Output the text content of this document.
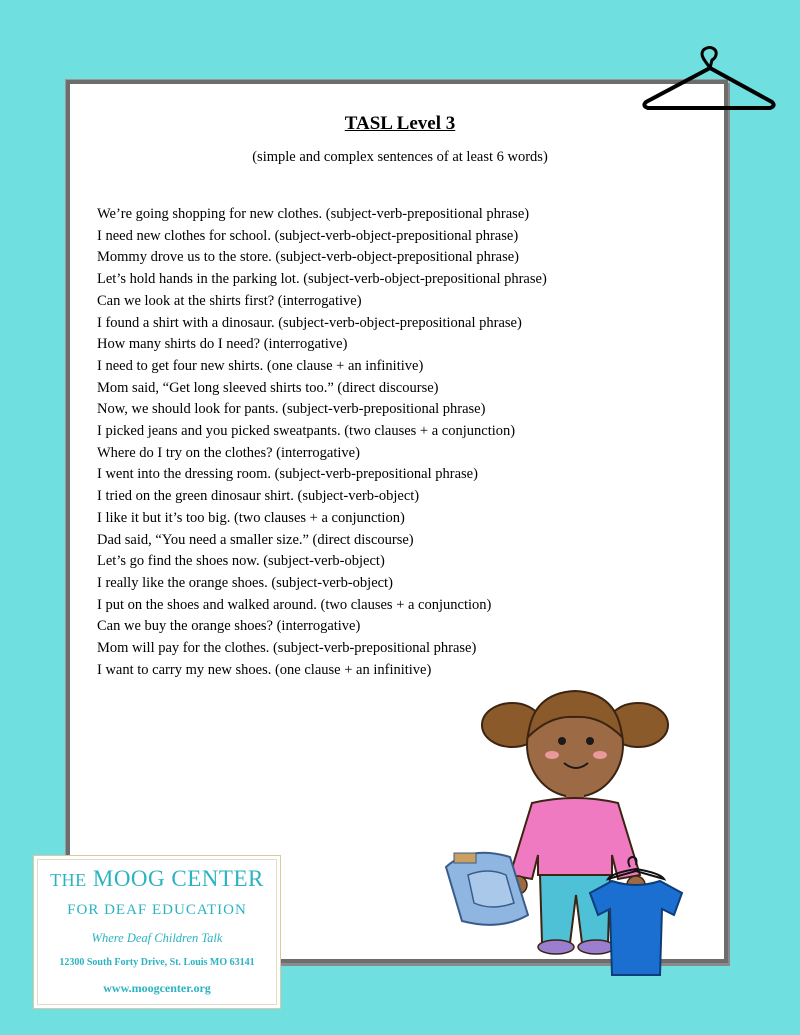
TASL Level 3
(simple and complex sentences of at least 6 words)
We’re going shopping for new clothes. (subject-verb-prepositional phrase)
I need new clothes for school. (subject-verb-object-prepositional phrase)
Mommy drove us to the store. (subject-verb-object-prepositional phrase)
Let’s hold hands in the parking lot. (subject-verb-object-prepositional phrase)
Can we look at the shirts first? (interrogative)
I found a shirt with a dinosaur. (subject-verb-object-prepositional phrase)
How many shirts do I need? (interrogative)
I need to get four new shirts. (one clause + an infinitive)
Mom said, “Get long sleeved shirts too.” (direct discourse)
Now, we should look for pants. (subject-verb-prepositional phrase)
I picked jeans and you picked sweatpants. (two clauses + a conjunction)
Where do I try on the clothes? (interrogative)
I went into the dressing room. (subject-verb-prepositional phrase)
I tried on the green dinosaur shirt. (subject-verb-object)
I like it but it’s too big. (two clauses + a conjunction)
Dad said, “You need a smaller size.” (direct discourse)
Let’s go find the shoes now. (subject-verb-object)
I really like the orange shoes. (subject-verb-object)
I put on the shoes and walked around. (two clauses + a conjunction)
Can we buy the orange shoes? (interrogative)
Mom will pay for the clothes. (subject-verb-prepositional phrase)
I want to carry my new shoes. (one clause + an infinitive)
THE MOOG CENTER
FOR DEAF EDUCATION
Where Deaf Children Talk
12300 South Forty Drive, St. Louis MO 63141
www.moogcenter.org
